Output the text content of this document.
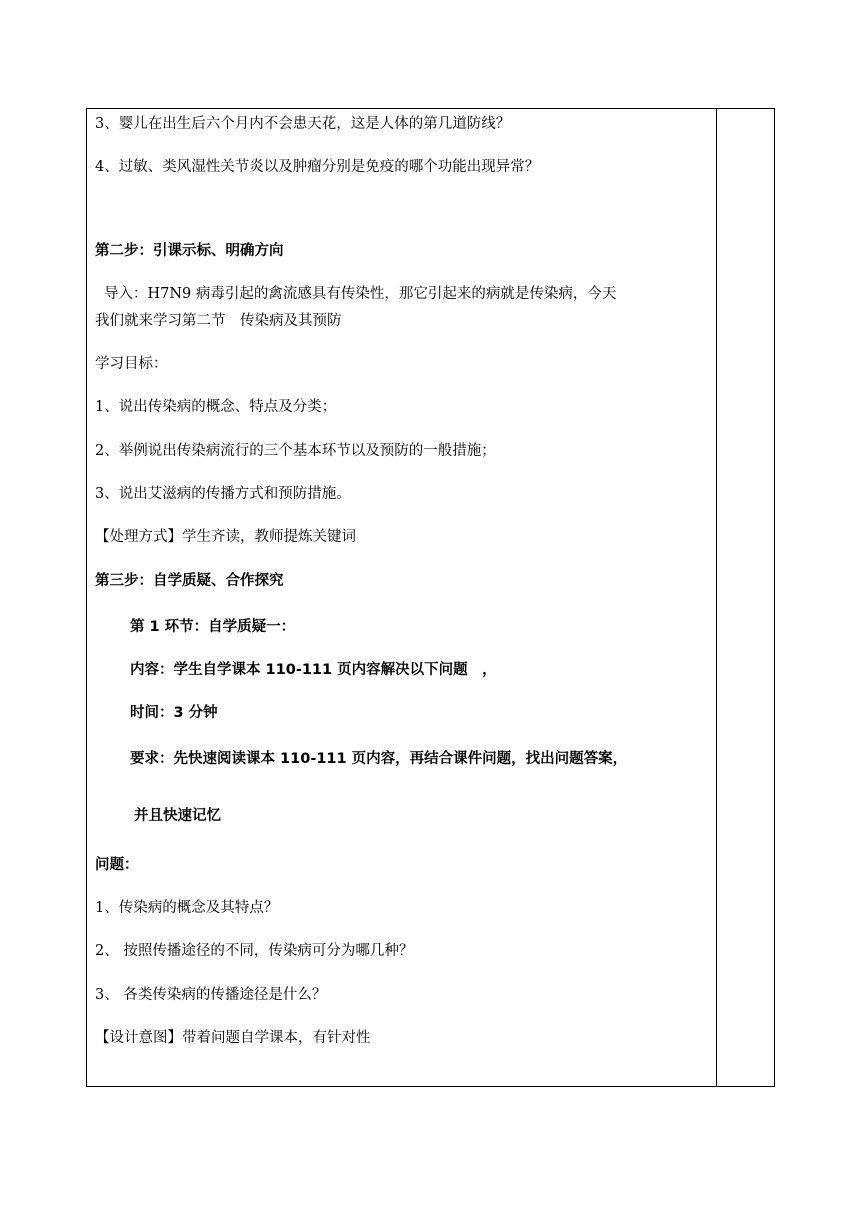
3、婴儿在出生后六个月内不会患天花，这是人体的第几道防线？
4、过敏、类风湿性关节炎以及肿瘤分别是免疫的哪个功能出现异常？
第二步：引课示标、明确方向
导入：H7N9 病毒引起的禽流感具有传染性，那它引起来的病就是传染病，今天
我们就来学习第二节　传染病及其预防
学习目标：
1、说出传染病的概念、特点及分类；
2、举例说出传染病流行的三个基本环节以及预防的一般措施；
3、说出艾滋病的传播方式和预防措施。
【处理方式】学生齐读，教师提炼关键词
第三步：自学质疑、合作探究
第 1 环节：自学质疑一：
内容：学生自学课本 110-111 页内容解决以下问题　，
时间：3 分钟
要求：先快速阅读课本 110-111 页内容，再结合课件问题，找出问题答案，
并且快速记忆
问题：
1、传染病的概念及其特点？
2、 按照传播途径的不同，传染病可分为哪几种？
3、 各类传染病的传播途径是什么？
【设计意图】带着问题自学课本，有针对性
